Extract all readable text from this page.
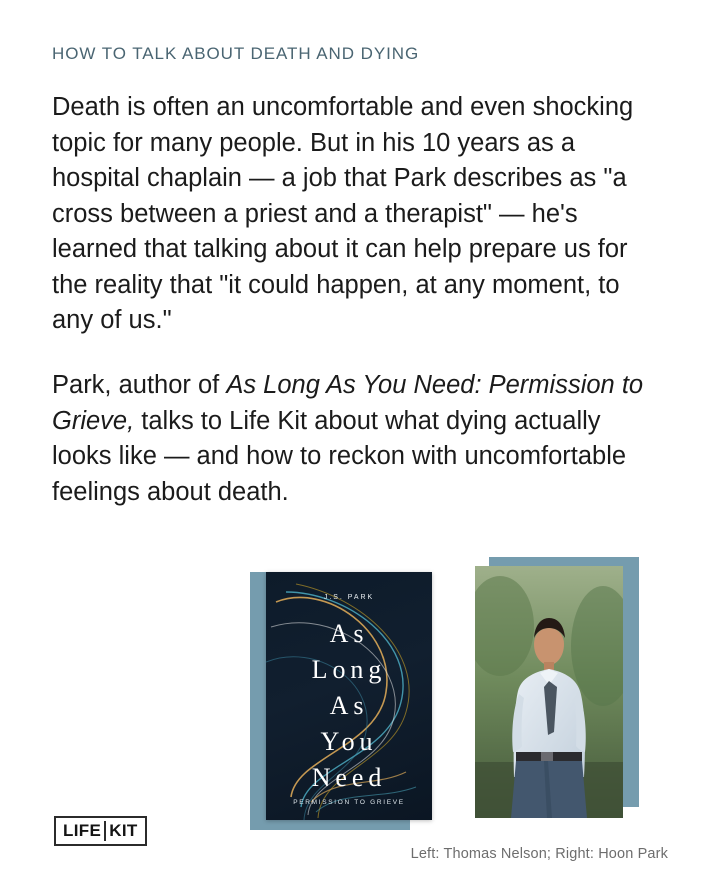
HOW TO TALK ABOUT DEATH AND DYING

Death is often an uncomfortable and even shocking topic for many people. But in his 10 years as a hospital chaplain — a job that Park describes as "a cross between a priest and a therapist" — he's learned that talking about it can help prepare us for the reality that "it could happen, at any moment, to any of us."

Park, author of As Long As You Need: Permission to Grieve, talks to Life Kit about what dying actually looks like — and how to reckon with uncomfortable feelings about death.

J.S. PARK
As
Long
As
You
Need
PERMISSION TO GRIEVE
LIFE KIT
Left: Thomas Nelson; Right: Hoon Park
